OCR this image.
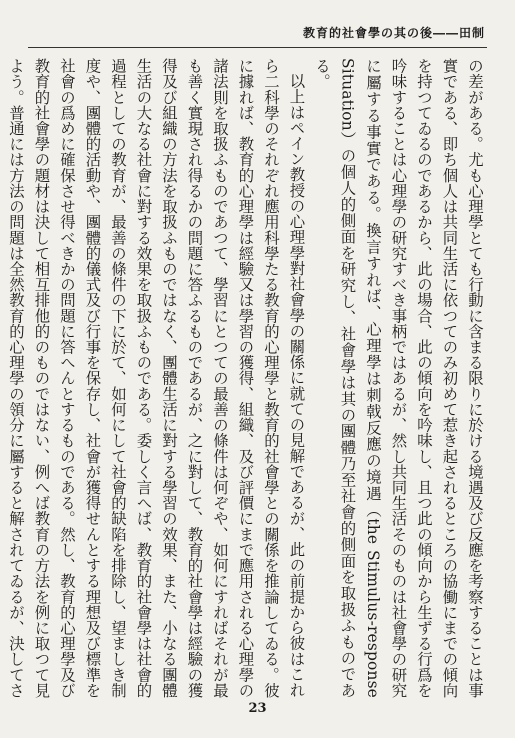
教育的社會學の其の後――田制

の差がある。尤も心理學とても行動に含まる限りに於ける境遇及び反應を考察することは事實である、即ち個人は共同生活に依つてのみ初めて惹き起されるところの協働にまでの傾向を持つてゐるのであるから、此の場合、此の傾向を吟味し、且つ此の傾向から生ずる行爲を吟味することは心理學の研究すべき事柄ではあるが、然し共同生活そのものは社會學の研究に屬する事實である。換言すれば、心理學は刺戟反應の境遇（the Stimulus-response Situation）の個人的側面を研究し、社會學は其の團體乃至社會的側面を取扱ふものである。

以上はペイン教授の心理學對社會學の關係に就ての見解であるが、此の前提から彼はこれら二科學のそれぞれ應用科學たる教育的心理學と教育的社會學との關係を推論してゐる。彼に據れば、教育的心理學は經驗又は學習の獲得、組織、及び評價にまで應用される心理學の諸法則を取扱ふものであつて、學習にとつての最善の條件は何ぞや、如何にすればそれが最も善く實現され得るかの問題に答ふるものであるが、之に對して、教育的社會學は經驗の獲得及び組織の方法を取扱ふものではなく、團體生活に對する學習の效果、また、小なる團體生活の大なる社會に對する效果を取扱ふものである。委しく言へば、教育的社會學は社會的過程としての教育が、最善の條件の下に於て、如何にして社會的缺陷を排除し、望ましき制度や、團體的活動や、團體的儀式及び行事を保存し、社會が獲得せんとする理想及び標準を社會の爲めに確保させ得べきかの問題に答へんとするものである。然し、教育的心理學及び教育的社會學の題材は決して相互排他的のものではない、例へば教育の方法を例に取つて見よう。普通には方法の問題は全然教育的心理學の領分に屬すると解されてゐるが、決してさ

23
